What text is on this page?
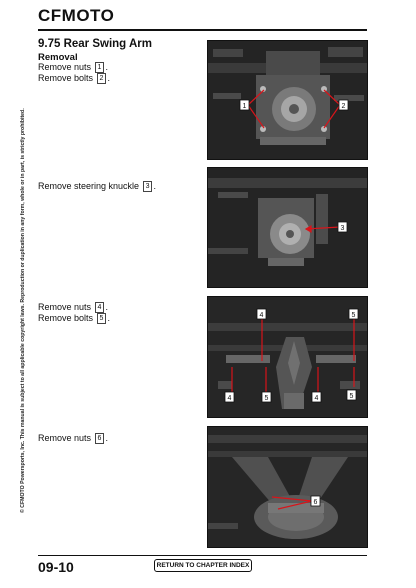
CFMOTO
9.75 Rear Swing Arm
Removal
Remove nuts 1 .
Remove bolts 2 .
Remove steering knuckle 3 .
Remove nuts 4 .
Remove bolts 5 .
Remove nuts 6 .
© CFMOTO Powersports, Inc. This manual is subject to all applicable copyright laws. Reproduction or duplication in any form, whole or in part, is strictly prohibited.
1	2
3
4	5
4	5	4	5
6
09-10	RETURN TO CHAPTER INDEX
